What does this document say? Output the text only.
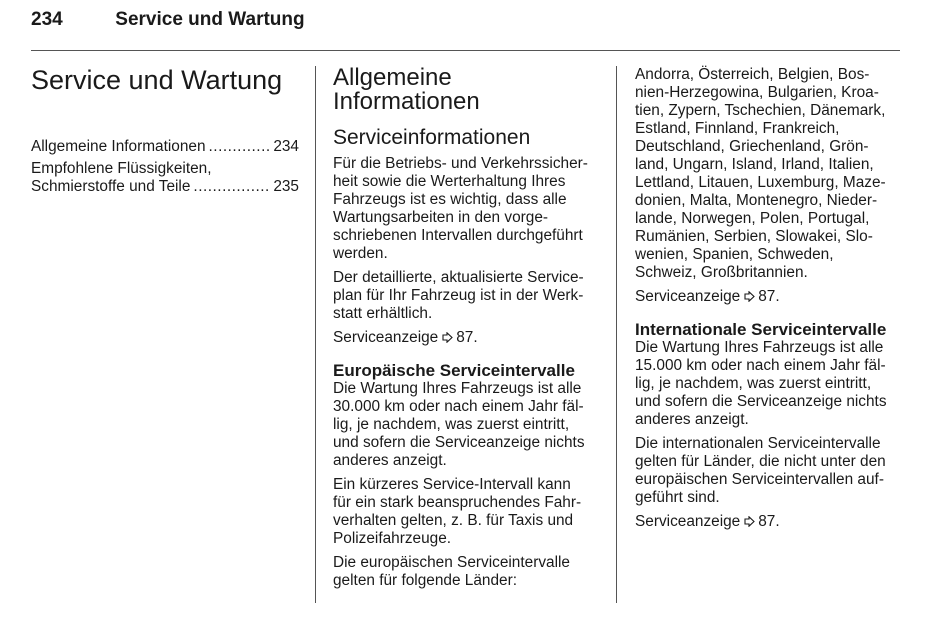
234	Service und Wartung
Service und Wartung
Allgemeine Informationen .....	234
Empfohlene Flüssigkeiten,
Schmierstoffe und Teile .....	235
Allgemeine
Informationen
Serviceinformationen
Für die Betriebs- und Verkehrssicher-
heit sowie die Werterhaltung Ihres
Fahrzeugs ist es wichtig, dass alle
Wartungsarbeiten in den vorge-
schriebenen Intervallen durchgeführt
werden.
Der detaillierte, aktualisierte Service-
plan für Ihr Fahrzeug ist in der Werk-
statt erhältlich.
Serviceanzeige 87.
Europäische Serviceintervalle
Die Wartung Ihres Fahrzeugs ist alle
30.000 km oder nach einem Jahr fäl-
lig, je nachdem, was zuerst eintritt,
und sofern die Serviceanzeige nichts
anderes anzeigt.
Ein kürzeres Service-Intervall kann
für ein stark beanspruchendes Fahr-
verhalten gelten, z. B. für Taxis und
Polizeifahrzeuge.
Die europäischen Serviceintervalle
gelten für folgende Länder:
Andorra, Österreich, Belgien, Bos-
nien-Herzegowina, Bulgarien, Kroa-
tien, Zypern, Tschechien, Dänemark,
Estland, Finnland, Frankreich,
Deutschland, Griechenland, Grön-
land, Ungarn, Island, Irland, Italien,
Lettland, Litauen, Luxemburg, Maze-
donien, Malta, Montenegro, Nieder-
lande, Norwegen, Polen, Portugal,
Rumänien, Serbien, Slowakei, Slo-
wenien, Spanien, Schweden,
Schweiz, Großbritannien.
Serviceanzeige 87.
Internationale Serviceintervalle
Die Wartung Ihres Fahrzeugs ist alle
15.000 km oder nach einem Jahr fäl-
lig, je nachdem, was zuerst eintritt,
und sofern die Serviceanzeige nichts
anderes anzeigt.
Die internationalen Serviceintervalle
gelten für Länder, die nicht unter den
europäischen Serviceintervallen auf-
geführt sind.
Serviceanzeige 87.
